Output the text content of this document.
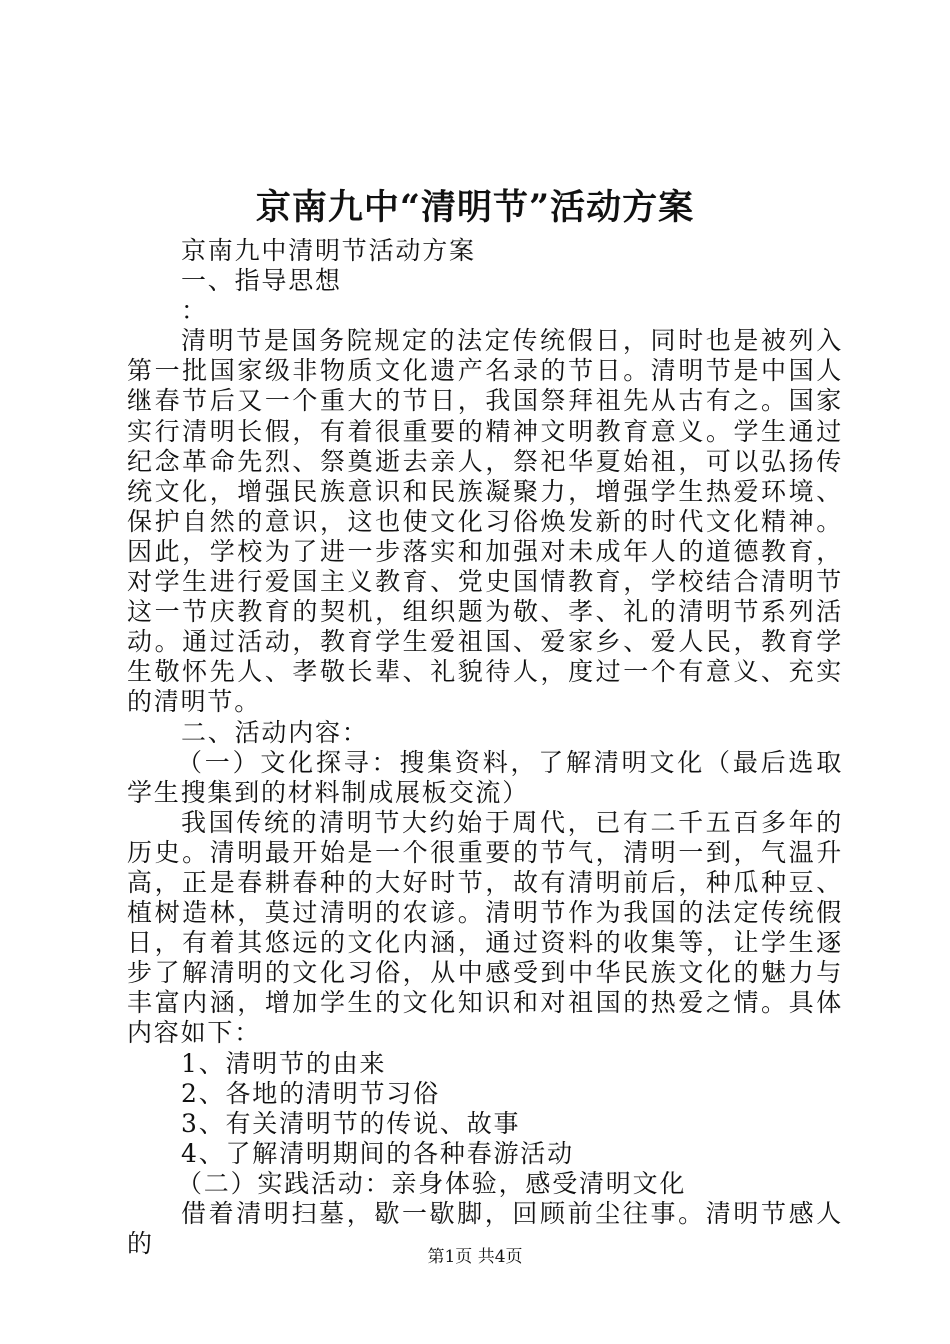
京南九中“清明节”活动方案

京南九中清明节活动方案

一、指导思想

：

清明节是国务院规定的法定传统假日，同时也是被列入第一批国家级非物质文化遗产名录的节日。清明节是中国人继春节后又一个重大的节日，我国祭拜祖先从古有之。国家实行清明长假，有着很重要的精神文明教育意义。学生通过纪念革命先烈、祭奠逝去亲人，祭祀华夏始祖，可以弘扬传统文化，增强民族意识和民族凝聚力，增强学生热爱环境、保护自然的意识，这也使文化习俗焕发新的时代文化精神。因此，学校为了进一步落实和加强对未成年人的道德教育，对学生进行爱国主义教育、党史国情教育，学校结合清明节这一节庆教育的契机，组织题为敬、孝、礼的清明节系列活动。通过活动，教育学生爱祖国、爱家乡、爱人民，教育学生敬怀先人、孝敬长辈、礼貌待人，度过一个有意义、充实的清明节。

二、活动内容：

（一）文化探寻：搜集资料，了解清明文化（最后选取学生搜集到的材料制成展板交流）

我国传统的清明节大约始于周代，已有二千五百多年的历史。清明最开始是一个很重要的节气，清明一到，气温升高，正是春耕春种的大好时节，故有清明前后，种瓜种豆、植树造林，莫过清明的农谚。清明节作为我国的法定传统假日，有着其悠远的文化内涵，通过资料的收集等，让学生逐步了解清明的文化习俗，从中感受到中华民族文化的魅力与丰富内涵，增加学生的文化知识和对祖国的热爱之情。具体内容如下：

1、清明节的由来

2、各地的清明节习俗

3、有关清明节的传说、故事

4、了解清明期间的各种春游活动

（二）实践活动：亲身体验，感受清明文化

借着清明扫墓，歇一歇脚，回顾前尘往事。清明节感人的	第1页 共4页
